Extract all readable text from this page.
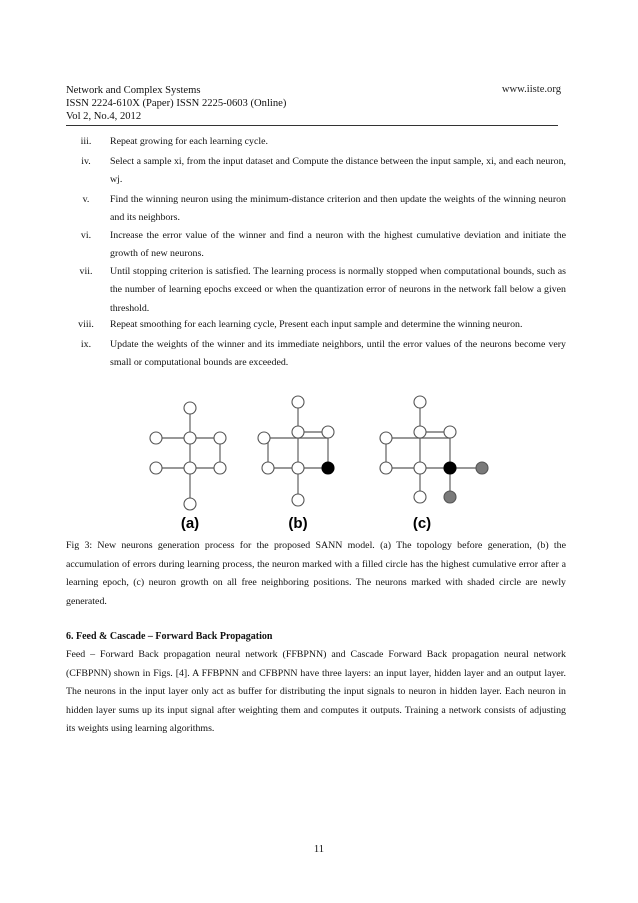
Network and Complex Systems
ISSN 2224-610X (Paper) ISSN 2225-0603 (Online)
Vol 2, No.4, 2012
www.iiste.org
iii.	Repeat growing for each learning cycle.
iv.	Select a sample xi, from the input dataset and Compute the distance between the input sample, xi, and each neuron, wj.
v.	Find the winning neuron using the minimum-distance criterion and then update the weights of the winning neuron and its neighbors.
vi.	Increase the error value of the winner and find a neuron with the highest cumulative deviation and initiate the growth of new neurons.
vii.	Until stopping criterion is satisfied. The learning process is normally stopped when computational bounds, such as the number of learning epochs exceed or when the quantization error of neurons in the network fall below a given threshold.
viii.	Repeat smoothing for each learning cycle, Present each input sample and determine the winning neuron.
ix.	Update the weights of the winner and its immediate neighbors, until the error values of the neurons become very small or computational bounds are exceeded.
(a)	(b)	(c)
Fig 3: New neurons generation process for the proposed SANN model. (a) The topology before generation, (b) the accumulation of errors during learning process, the neuron marked with a filled circle has the highest cumulative error after a learning epoch, (c) neuron growth on all free neighboring positions. The neurons marked with shaded circle are newly generated.
6. Feed & Cascade – Forward Back Propagation
Feed – Forward Back propagation neural network (FFBPNN) and Cascade Forward Back propagation neural network (CFBPNN) shown in Figs. [4]. A FFBPNN and CFBPNN have three layers: an input layer, hidden layer and an output layer. The neurons in the input layer only act as buffer for distributing the input signals to neuron in hidden layer. Each neuron in hidden layer sums up its input signal after weighting them and computes it outputs. Training a network consists of adjusting its weights using learning algorithms.
11
